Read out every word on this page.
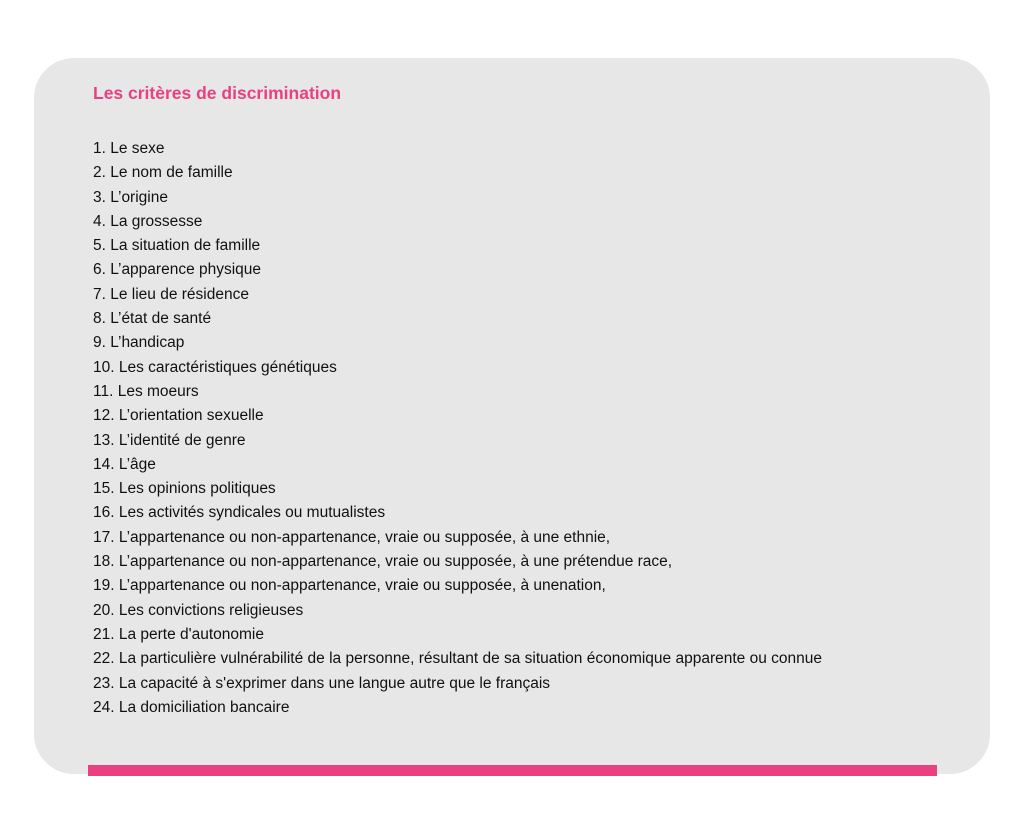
Les critères de discrimination
1. Le sexe
2. Le nom de famille
3. L’origine
4. La grossesse
5. La situation de famille
6. L’apparence physique
7. Le lieu de résidence
8. L’état de santé
9. L’handicap
10. Les caractéristiques génétiques
11. Les moeurs
12. L’orientation sexuelle
13. L’identité de genre
14. L’âge
15. Les opinions politiques
16. Les activités syndicales ou mutualistes
17. L’appartenance ou non-appartenance, vraie ou supposée, à une ethnie,
18. L’appartenance ou non-appartenance, vraie ou supposée, à une prétendue race,
19. L’appartenance ou non-appartenance, vraie ou supposée, à unenation,
20. Les convictions religieuses
21. La perte d'autonomie
22. La particulière vulnérabilité de la personne, résultant de sa situation économique apparente ou connue
23. La capacité à s'exprimer dans une langue autre que le français
24. La domiciliation bancaire
